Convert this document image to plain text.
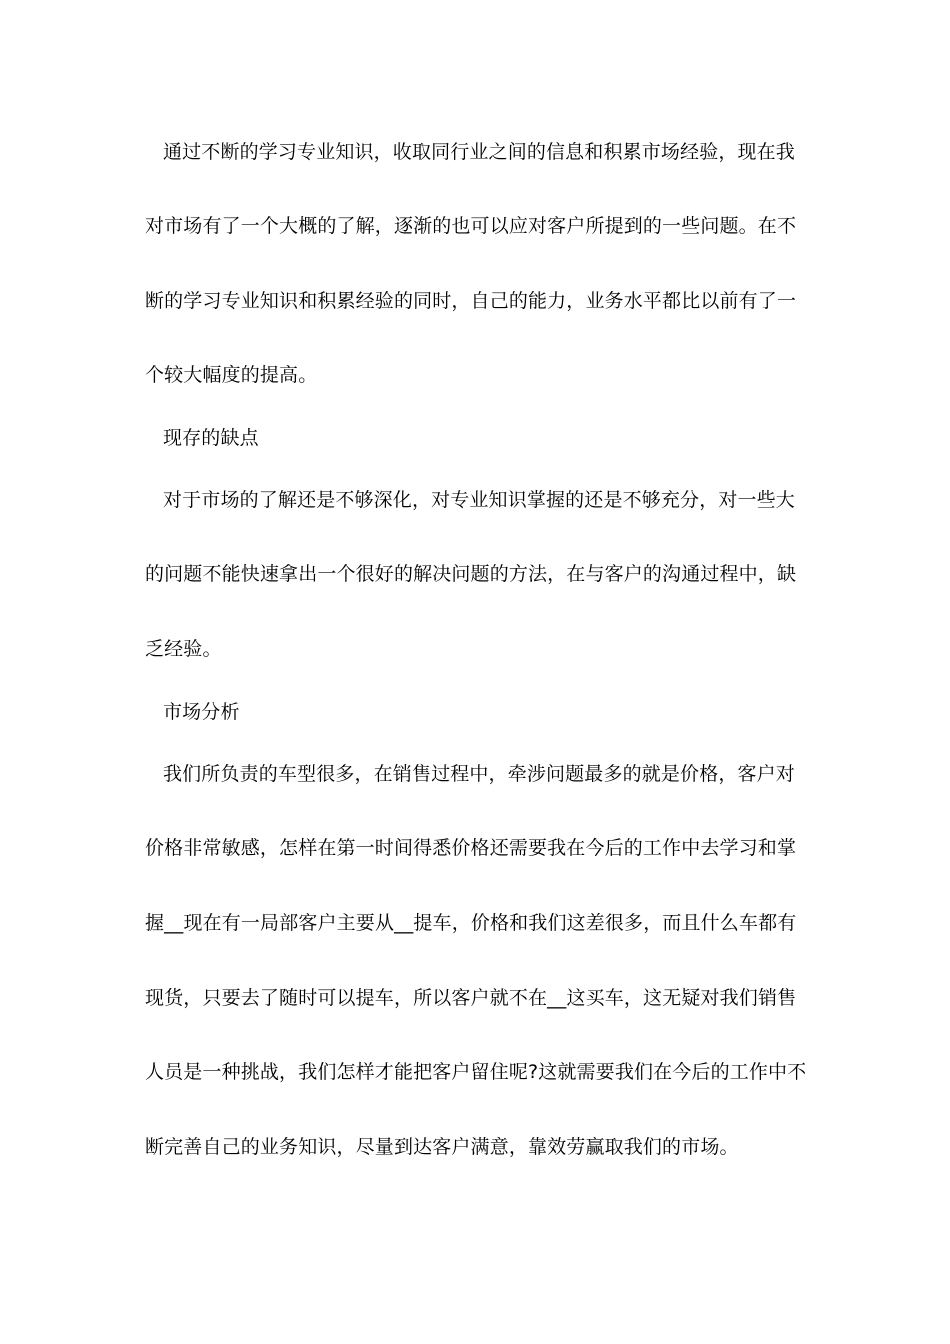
通过不断的学习专业知识，收取同行业之间的信息和积累市场经验，现在我
对市场有了一个大概的了解，逐渐的也可以应对客户所提到的一些问题。在不
断的学习专业知识和积累经验的同时，自己的能力，业务水平都比以前有了一
个较大幅度的提高。
现存的缺点
对于市场的了解还是不够深化，对专业知识掌握的还是不够充分，对一些大
的问题不能快速拿出一个很好的解决问题的方法，在与客户的沟通过程中，缺
乏经验。
市场分析
我们所负责的车型很多，在销售过程中，牵涉问题最多的就是价格，客户对
价格非常敏感，怎样在第一时间得悉价格还需要我在今后的工作中去学习和掌
握__现在有一局部客户主要从__提车，价格和我们这差很多，而且什么车都有
现货，只要去了随时可以提车，所以客户就不在__这买车，这无疑对我们销售
人员是一种挑战，我们怎样才能把客户留住呢?这就需要我们在今后的工作中不
断完善自己的业务知识，尽量到达客户满意，靠效劳赢取我们的市场。
